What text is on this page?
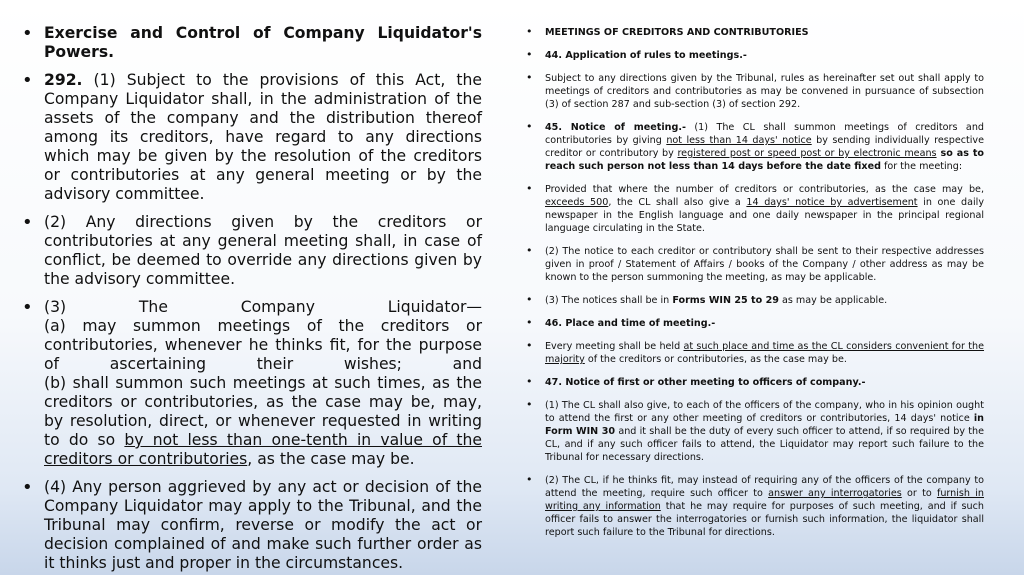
• Exercise and Control of Company Liquidator's Powers.
• 292. (1) Subject to the provisions of this Act, the Company Liquidator shall, in the administration of the assets of the company and the distribution thereof among its creditors, have regard to any directions which may be given by the resolution of the creditors or contributories at any general meeting or by the advisory committee.
• (2) Any directions given by the creditors or contributories at any general meeting shall, in case of conflict, be deemed to override any directions given by the advisory committee.
• (3) The Company Liquidator—
(a) may summon meetings of the creditors or contributories, whenever he thinks fit, for the purpose of ascertaining their wishes; and
(b) shall summon such meetings at such times, as the creditors or contributories, as the case may be, may, by resolution, direct, or whenever requested in writing to do so by not less than one-tenth in value of the creditors or contributories, as the case may be.
• (4) Any person aggrieved by any act or decision of the Company Liquidator may apply to the Tribunal, and the Tribunal may confirm, reverse or modify the act or decision complained of and make such further order as it thinks just and proper in the circumstances.
• MEETINGS OF CREDITORS AND CONTRIBUTORIES
• 44. Application of rules to meetings.-
• Subject to any directions given by the Tribunal, rules as hereinafter set out shall apply to meetings of creditors and contributories as may be convened in pursuance of subsection (3) of section 287 and sub-section (3) of section 292.
• 45. Notice of meeting.- (1) The CL shall summon meetings of creditors and contributories by giving not less than 14 days' notice by sending individually respective creditor or contributory by registered post or speed post or by electronic means so as to reach such person not less than 14 days before the date fixed for the meeting:
• Provided that where the number of creditors or contributories, as the case may be, exceeds 500, the CL shall also give a 14 days' notice by advertisement in one daily newspaper in the English language and one daily newspaper in the principal regional language circulating in the State.
• (2) The notice to each creditor or contributory shall be sent to their respective addresses given in proof / Statement of Affairs / books of the Company / other address as may be known to the person summoning the meeting, as may be applicable.
• (3) The notices shall be in Forms WIN 25 to 29 as may be applicable.
• 46. Place and time of meeting.-
• Every meeting shall be held at such place and time as the CL considers convenient for the majority of the creditors or contributories, as the case may be.
• 47. Notice of first or other meeting to officers of company.-
• (1) The CL shall also give, to each of the officers of the company, who in his opinion ought to attend the first or any other meeting of creditors or contributories, 14 days' notice in Form WIN 30 and it shall be the duty of every such officer to attend, if so required by the CL, and if any such officer fails to attend, the Liquidator may report such failure to the Tribunal for necessary directions.
• (2) The CL, if he thinks fit, may instead of requiring any of the officers of the company to attend the meeting, require such officer to answer any interrogatories or to furnish in writing any information that he may require for purposes of such meeting, and if such officer fails to answer the interrogatories or furnish such information, the liquidator shall report such failure to the Tribunal for directions.
